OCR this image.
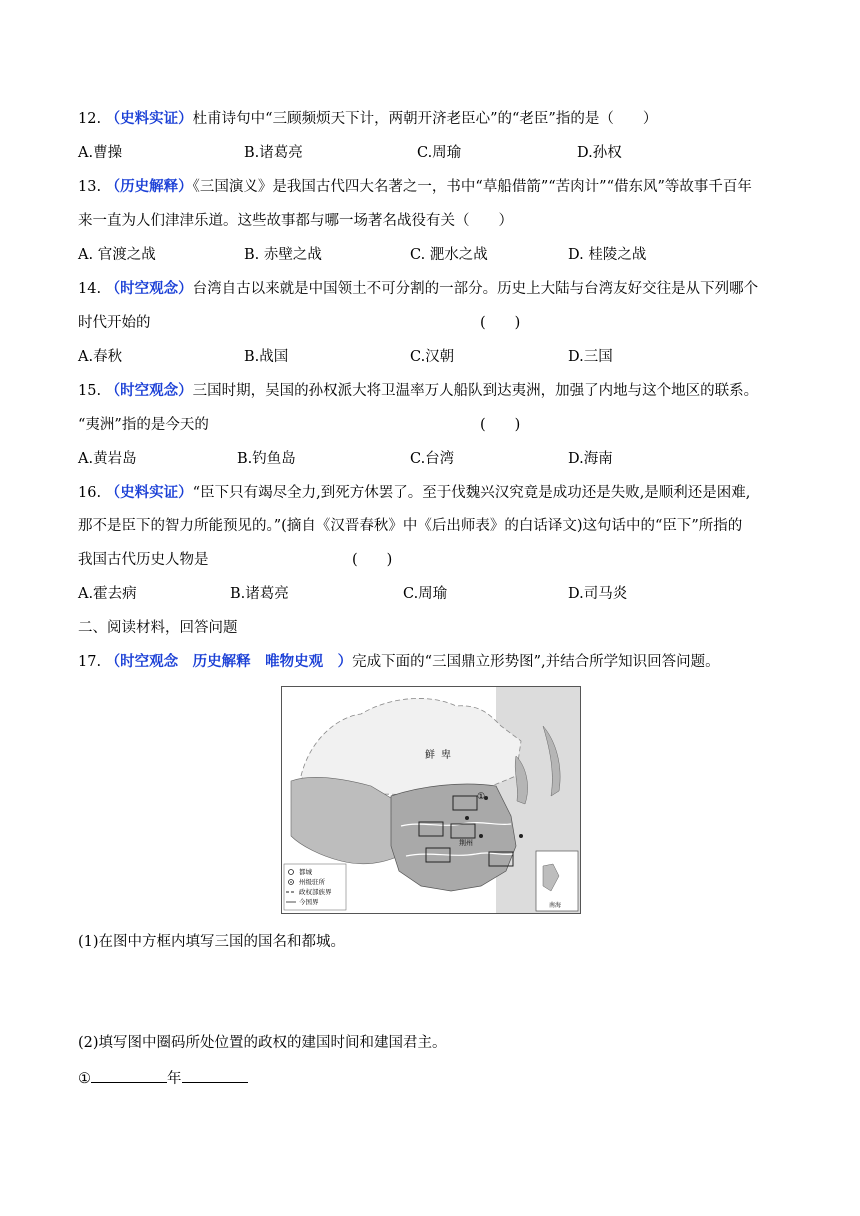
12. （史料实证）杜甫诗句中“三顾频烦天下计，两朝开济老臣心”的“老臣”指的是（　　）
A.曹操	B.诸葛亮	C.周瑜	D.孙权
13. （历史解释）《三国演义》是我国古代四大名著之一，书中“草船借箭”“苦肉计”“借东风”等故事千百年
来一直为人们津津乐道。这些故事都与哪一场著名战役有关（　　）
A. 官渡之战	B. 赤壁之战	C. 淝水之战	D. 桂陵之战
14. （时空观念）台湾自古以来就是中国领土不可分割的一部分。历史上大陆与台湾友好交往是从下列哪个
时代开始的	(　　)
A.春秋	B.战国	C.汉朝	D.三国
15. （时空观念）三国时期，吴国的孙权派大将卫温率万人船队到达夷洲，加强了内地与这个地区的联系。
“夷洲”指的是今天的	(　　)
A.黄岩岛	B.钓鱼岛	C.台湾	D.海南
16. （史料实证）“臣下只有竭尽全力,到死方休罢了。至于伐魏兴汉究竟是成功还是失败,是顺利还是困难,
那不是臣下的智力所能预见的。”(摘自《汉晋春秋》中《后出师表》的白话译文)这句话中的“臣下”所指的
我国古代历史人物是	(　　)
A.霍去病	B.诸葛亮	C.周瑜	D.司马炎
二、阅读材料，回答问题
17. （时空观念　历史解释　唯物史观　）完成下面的“三国鼎立形势图”,并结合所学知识回答问题。
鲜卑
荆州
①
南海
都城
州级驻所
政权部族界
今国界
(1)在图中方框内填写三国的国名和都城。
(2)填写图中圈码所处位置的政权的建国时间和建国君主。
①	年
